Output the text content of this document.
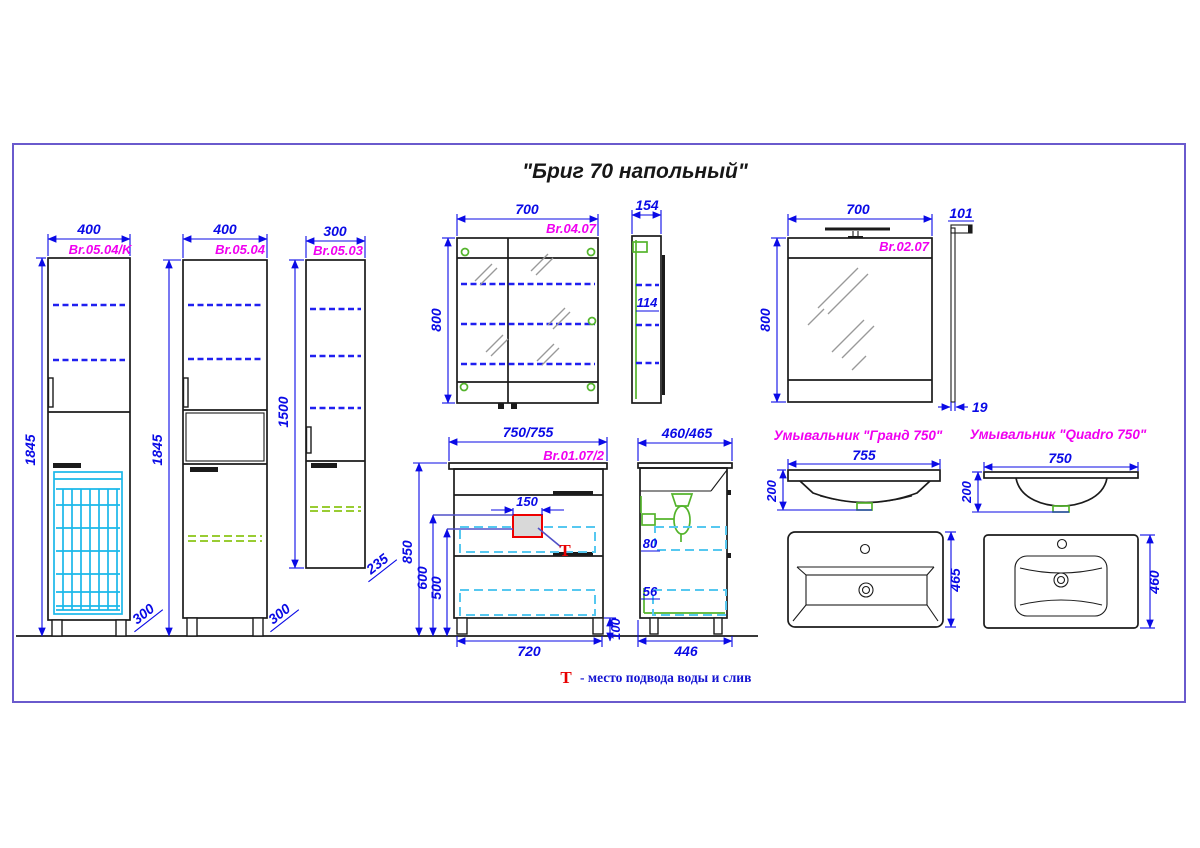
"Бриг 70 напольный"
400
Br.05.04/K
1845
300
400
Br.05.04
1845
300
300
Br.05.03
1500
235
700
Br.04.07
800
114
154
Br.02.07
700
800
101
19
150
Т
750/755
Br.01.07/2
850
600
500
720
100
80
56
460/465
446
Умывальник "Гранд 750"
755
200
465
Умывальник "Quadro 750"
750
200
460
Т - место подвода воды и слив
